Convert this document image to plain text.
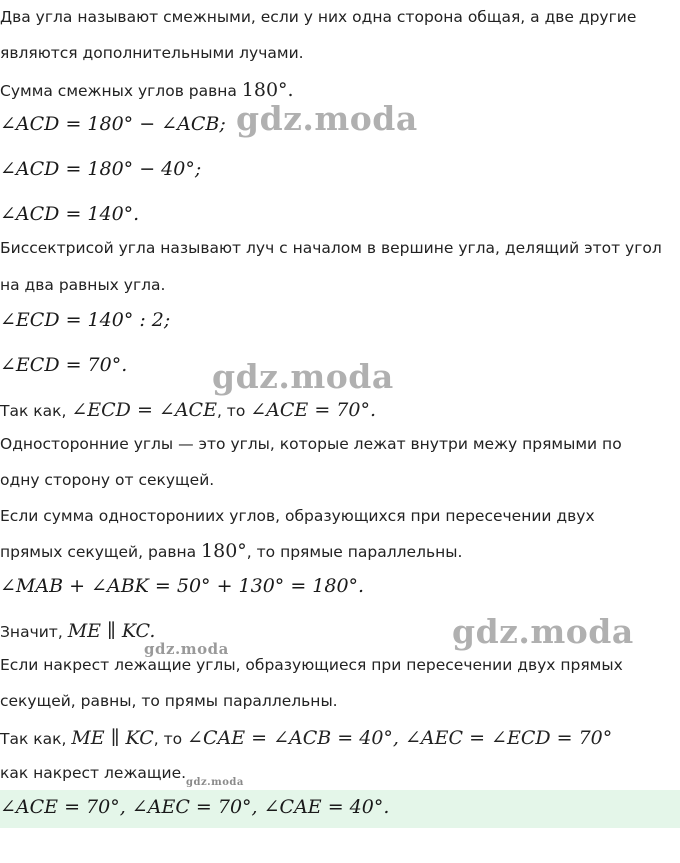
Два угла называют смежными, если у них одна сторона общая, а две другие
являются дополнительными лучами.
Сумма смежных углов равна 180°.
∠ACD = 180° − ∠ACB; gdz.moda
∠ACD = 180° − 40°;
∠ACD = 140°.
Биссектрисой угла называют луч с началом в вершине угла, делящий этот угол
на два равных угла.
∠ECD = 140° : 2;
∠ECD = 70°.	gdz.moda
Так как, ∠ECD = ∠ACE, то ∠ACE = 70°.
Односторонние углы — это углы, которые лежат внутри межу прямыми по
одну сторону от секущей.
Если сумма односторониих углов, образующихся при пересечении двух
прямых секущей, равна 180°, то прямые параллельны.
∠MAB + ∠ABK = 50° + 130° = 180°.
Значит, ME ∥ KC.
gdz.moda	gdz.moda
Если накрест лежащие углы, образующиеся при пересечении двух прямых
секущей, равны, то прямы параллельны.
Так как, ME ∥ KC, то ∠CAE = ∠ACB = 40°, ∠AEC = ∠ECD = 70°
как накрест лежащие.
gdz.moda
∠ACE = 70°, ∠AEC = 70°, ∠CAE = 40°.
